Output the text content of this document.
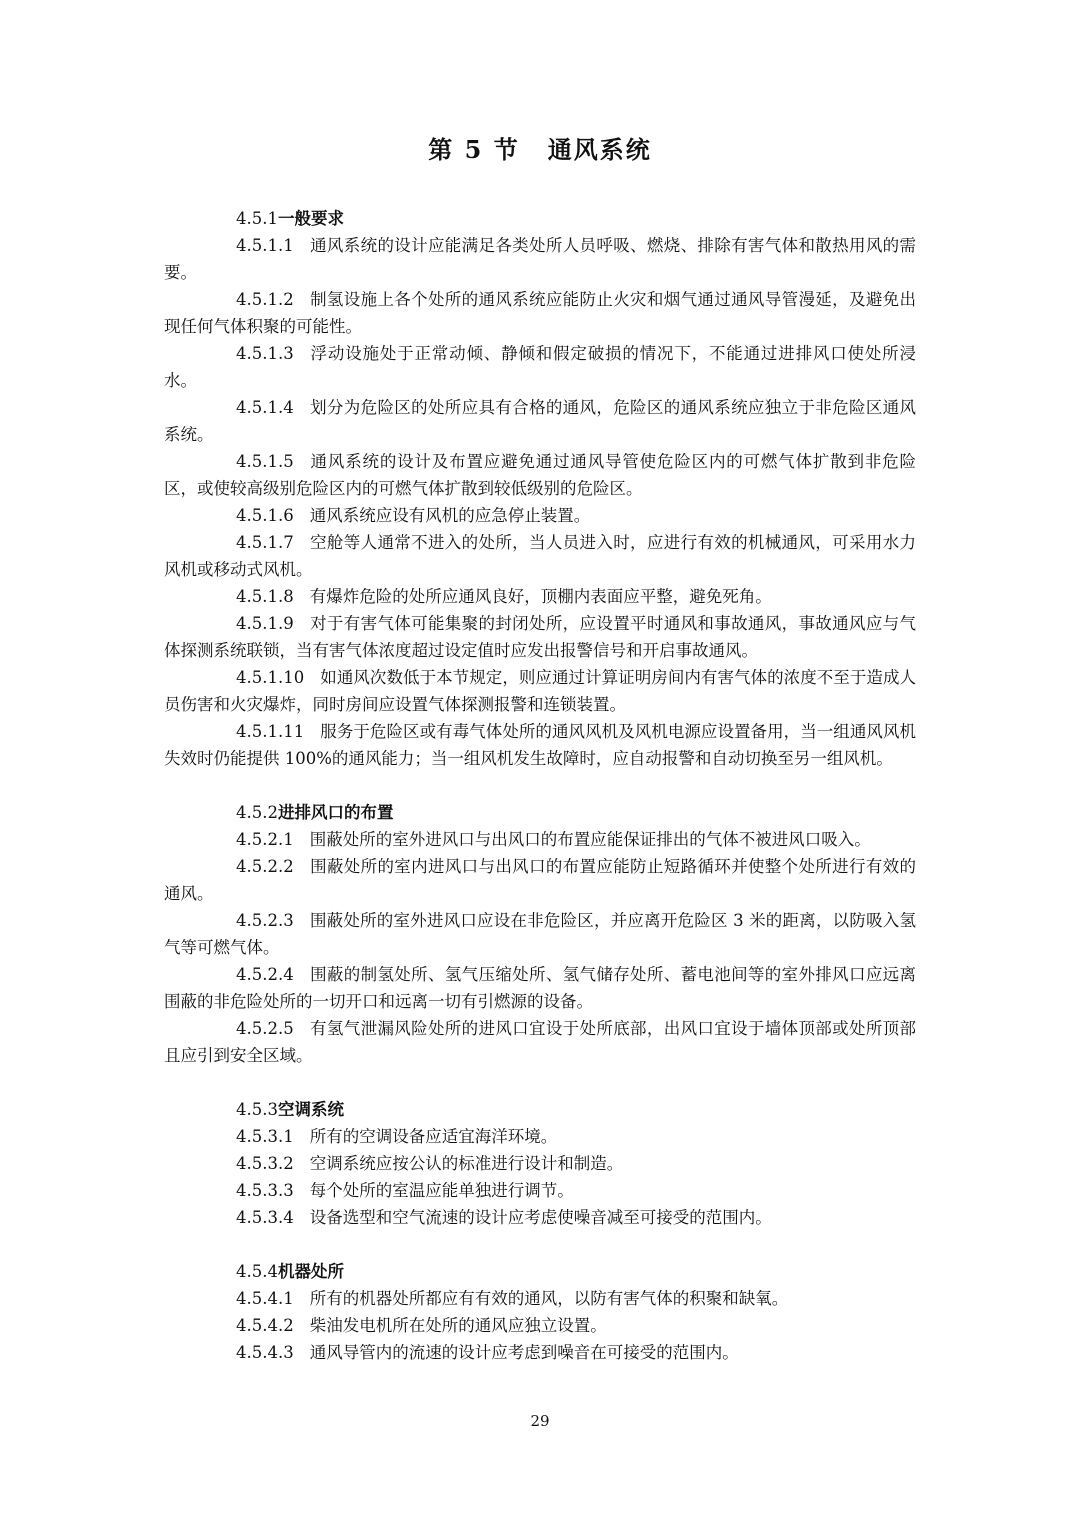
第 5 节 通风系统

4.5.1一般要求

4.5.1.1 通风系统的设计应能满足各类处所人员呼吸、燃烧、排除有害气体和散热用风的需要。

4.5.1.2 制氢设施上各个处所的通风系统应能防止火灾和烟气通过通风导管漫延，及避免出现任何气体积聚的可能性。

4.5.1.3 浮动设施处于正常动倾、静倾和假定破损的情况下，不能通过进排风口使处所浸水。

4.5.1.4 划分为危险区的处所应具有合格的通风，危险区的通风系统应独立于非危险区通风系统。

4.5.1.5 通风系统的设计及布置应避免通过通风导管使危险区内的可燃气体扩散到非危险区，或使较高级别危险区内的可燃气体扩散到较低级别的危险区。

4.5.1.6 通风系统应设有风机的应急停止装置。

4.5.1.7 空舱等人通常不进入的处所，当人员进入时，应进行有效的机械通风，可采用水力风机或移动式风机。

4.5.1.8 有爆炸危险的处所应通风良好，顶棚内表面应平整，避免死角。

4.5.1.9 对于有害气体可能集聚的封闭处所，应设置平时通风和事故通风，事故通风应与气体探测系统联锁，当有害气体浓度超过设定值时应发出报警信号和开启事故通风。

4.5.1.10 如通风次数低于本节规定，则应通过计算证明房间内有害气体的浓度不至于造成人员伤害和火灾爆炸，同时房间应设置气体探测报警和连锁装置。

4.5.1.11 服务于危险区或有毒气体处所的通风风机及风机电源应设置备用，当一组通风风机失效时仍能提供 100%的通风能力；当一组风机发生故障时，应自动报警和自动切换至另一组风机。

4.5.2进排风口的布置

4.5.2.1 围蔽处所的室外进风口与出风口的布置应能保证排出的气体不被进风口吸入。

4.5.2.2 围蔽处所的室内进风口与出风口的布置应能防止短路循环并使整个处所进行有效的通风。

4.5.2.3 围蔽处所的室外进风口应设在非危险区，并应离开危险区 3 米的距离，以防吸入氢气等可燃气体。

4.5.2.4 围蔽的制氢处所、氢气压缩处所、氢气储存处所、蓄电池间等的室外排风口应远离围蔽的非危险处所的一切开口和远离一切有引燃源的设备。

4.5.2.5 有氢气泄漏风险处所的进风口宜设于处所底部，出风口宜设于墙体顶部或处所顶部且应引到安全区域。

4.5.3空调系统

4.5.3.1 所有的空调设备应适宜海洋环境。

4.5.3.2 空调系统应按公认的标准进行设计和制造。

4.5.3.3 每个处所的室温应能单独进行调节。

4.5.3.4 设备选型和空气流速的设计应考虑使噪音减至可接受的范围内。

4.5.4机器处所

4.5.4.1 所有的机器处所都应有有效的通风，以防有害气体的积聚和缺氧。

4.5.4.2 柴油发电机所在处所的通风应独立设置。

4.5.4.3 通风导管内的流速的设计应考虑到噪音在可接受的范围内。

29
